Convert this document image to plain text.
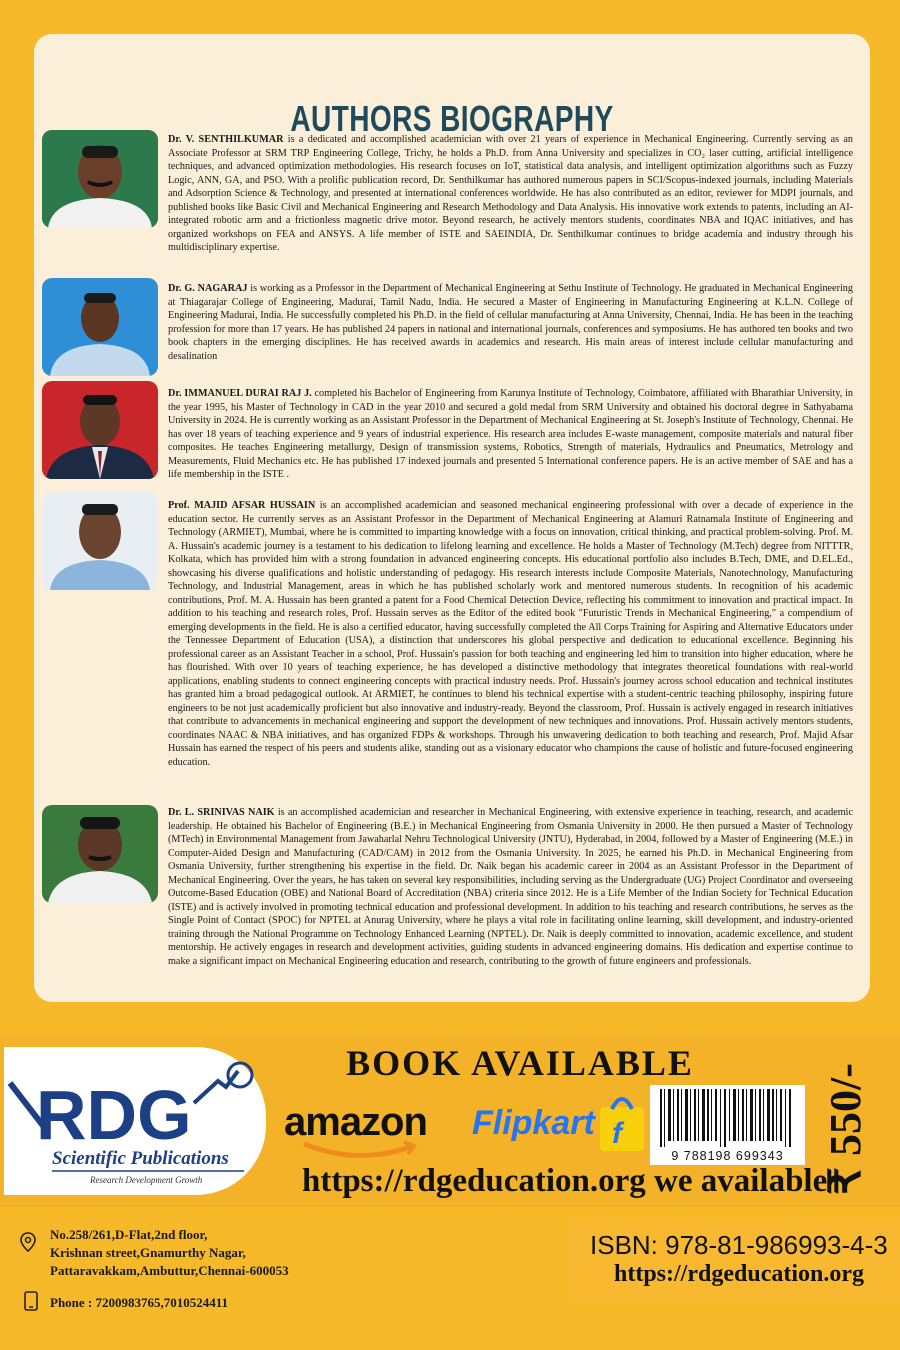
AUTHORS BIOGRAPHY

Dr. V. SENTHILKUMAR is a dedicated and accomplished academician with over 21 years of experience in Mechanical Engineering. Currently serving as an Associate Professor at SRM TRP Engineering College, Trichy, he holds a Ph.D. from Anna University and specializes in CO₂ laser cutting, artificial intelligence techniques, and advanced optimization methodologies. His research focuses on IoT, statistical data analysis, and intelligent optimization algorithms such as Fuzzy Logic, ANN, GA, and PSO. With a prolific publication record, Dr. Senthilkumar has authored numerous papers in SCI/Scopus-indexed journals, including Materials and Adsorption Science & Technology, and presented at international conferences worldwide. He has also contributed as an editor, reviewer for MDPI journals, and published books like Basic Civil and Mechanical Engineering and Research Methodology and Data Analysis. His innovative work extends to patents, including an AI-integrated robotic arm and a frictionless magnetic drive motor. Beyond research, he actively mentors students, coordinates NBA and IQAC initiatives, and has organized workshops on FEA and ANSYS. A life member of ISTE and SAEINDIA, Dr. Senthilkumar continues to bridge academia and industry through his multidisciplinary expertise.

Dr. G. NAGARAJ is working as a Professor in the Department of Mechanical Engineering at Sethu Institute of Technology. He graduated in Mechanical Engineering at Thiagarajar College of Engineering, Madurai, Tamil Nadu, India. He secured a Master of Engineering in Manufacturing Engineering at K.L.N. College of Engineering Madurai, India. He successfully completed his Ph.D. in the field of cellular manufacturing at Anna University, Chennai, India. He has been in the teaching profession for more than 17 years. He has published 24 papers in national and international journals, conferences and symposiums. He has authored ten books and two book chapters in the emerging disciplines. He has received awards in academics and research. His main areas of interest include cellular manufacturing and desalination

Dr. IMMANUEL DURAI RAJ J. completed his Bachelor of Engineering from Karunya Institute of Technology, Coimbatore, affiliated with Bharathiar University, in the year 1995, his Master of Technology in CAD in the year 2010 and secured a gold medal from SRM University and obtained his doctoral degree in Sathyabama University in 2024. He is currently working as an Assistant Professor in the Department of Mechanical Engineering at St. Joseph's Institute of Technology, Chennai. He has over 18 years of teaching experience and 9 years of industrial experience. His research area includes E-waste management, composite materials and natural fiber composites. He teaches Engineering metallurgy, Design of transmission systems, Robotics, Strength of materials, Hydraulics and Pneumatics, Metrology and Measurements, Fluid Mechanics etc. He has published 17 indexed journals and presented 5 International conference papers. He is an active member of SAE and has a life membership in the ISTE .

Prof. MAJID AFSAR HUSSAIN is an accomplished academician and seasoned mechanical engineering professional with over a decade of experience in the education sector. He currently serves as an Assistant Professor in the Department of Mechanical Engineering at Alamuri Ratnamala Institute of Engineering and Technology (ARMIET), Mumbai, where he is committed to imparting knowledge with a focus on innovation, critical thinking, and practical problem-solving. Prof. M. A. Hussain's academic journey is a testament to his dedication to lifelong learning and excellence. He holds a Master of Technology (M.Tech) degree from NITTTR, Kolkata, which has provided him with a strong foundation in advanced engineering concepts. His educational portfolio also includes B.Tech, DME, and D.EL.Ed., showcasing his diverse qualifications and holistic understanding of pedagogy. His research interests include Composite Materials, Nanotechnology, Manufacturing Technology, and Industrial Management, areas in which he has published scholarly work and mentored numerous students. In recognition of his academic contributions, Prof. M. A. Hussain has been granted a patent for a Food Chemical Detection Device, reflecting his commitment to innovation and practical impact. In addition to his teaching and research roles, Prof. Hussain serves as the Editor of the edited book "Futuristic Trends in Mechanical Engineering," a compendium of emerging developments in the field. He is also a certified educator, having successfully completed the All Corps Training for Aspiring and Alternative Educators under the Tennessee Department of Education (USA), a distinction that underscores his global perspective and dedication to educational excellence. Beginning his professional career as an Assistant Teacher in a school, Prof. Hussain's passion for both teaching and engineering led him to transition into higher education, where he has flourished. With over 10 years of teaching experience, he has developed a distinctive methodology that integrates theoretical foundations with real-world applications, enabling students to connect engineering concepts with practical industry needs. Prof. Hussain's journey across school education and technical institutes has granted him a broad pedagogical outlook. At ARMIET, he continues to blend his technical expertise with a student-centric teaching philosophy, inspiring future engineers to be not just academically proficient but also innovative and industry-ready. Beyond the classroom, Prof. Hussain is actively engaged in research initiatives that contribute to advancements in mechanical engineering and support the development of new techniques and innovations. Prof. Hussain actively mentors students, coordinates NAAC & NBA initiatives, and has organized FDPs & workshops. Through his unwavering dedication to both teaching and research, Prof. Majid Afsar Hussain has earned the respect of his peers and students alike, standing out as a visionary educator who champions the cause of holistic and future-focused engineering education.

Dr. L. SRINIVAS NAIK is an accomplished academician and researcher in Mechanical Engineering, with extensive experience in teaching, research, and academic leadership. He obtained his Bachelor of Engineering (B.E.) in Mechanical Engineering from Osmania University in 2000. He then pursued a Master of Technology (MTech) in Environmental Management from Jawaharlal Nehru Technological University (JNTU), Hyderabad, in 2004, followed by a Master of Engineering (M.E.) in Computer-Aided Design and Manufacturing (CAD/CAM) in 2012 from the Osmania University. In 2025, he earned his Ph.D. in Mechanical Engineering from Osmania University, further strengthening his expertise in the field. Dr. Naik began his academic career in 2004 as an Assistant Professor in the Department of Mechanical Engineering. Over the years, he has taken on several key responsibilities, including serving as the Undergraduate (UG) Project Coordinator and overseeing Outcome-Based Education (OBE) and National Board of Accreditation (NBA) criteria since 2012. He is a Life Member of the Indian Society for Technical Education (ISTE) and is actively involved in promoting technical education and professional development. In addition to his teaching and research contributions, he serves as the Single Point of Contact (SPOC) for NPTEL at Anurag University, where he plays a vital role in facilitating online learning, skill development, and industry-oriented training through the National Programme on Technology Enhanced Learning (NPTEL). Dr. Naik is deeply committed to innovation, academic excellence, and student mentorship. He actively engages in research and development activities, guiding students in advanced engineering domains. His dedication and expertise continue to make a significant impact on Mechanical Engineering education and research, contributing to the growth of future engineers and professionals.

RDG
Scientific Publications
Research Development Growth
BOOK AVAILABLE
amazon Flipkart f
9 788198 699343
https://rdgeducation.org we available
₹ 550/-
No.258/261,D-Flat,2nd floor,
Krishnan street,Gnamurthy Nagar,
Pattaravakkam,Ambuttur,Chennai-600053
Phone : 7200983765,7010524411
ISBN: 978-81-986993-4-3
https://rdgeducation.org
